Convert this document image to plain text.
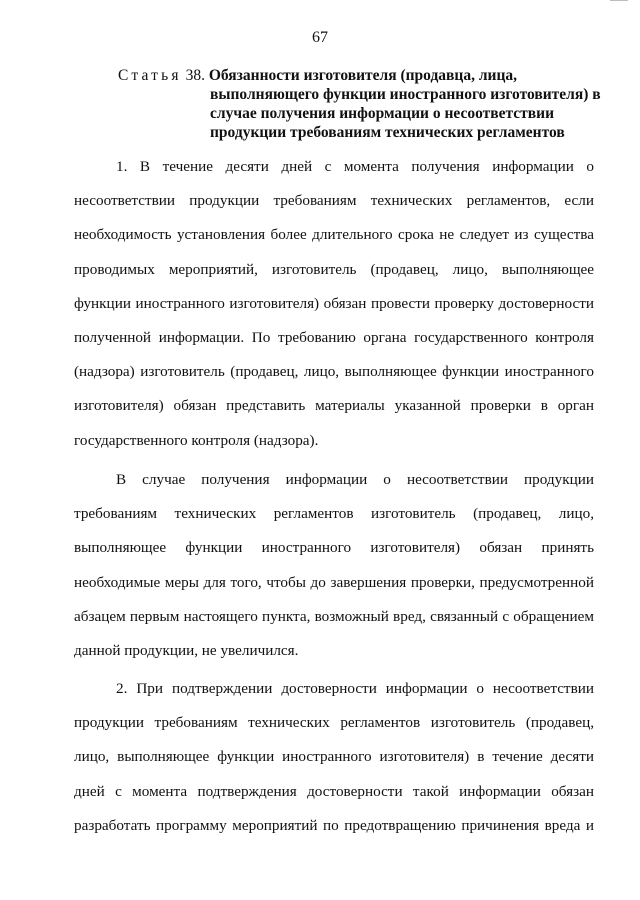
67
Статья 38. Обязанности изготовителя (продавца, лица,
выполняющего функции иностранного изготовителя) в
случае получения информации о несоответствии
продукции требованиям технических регламентов
1. В течение десяти дней с момента получения информации о
несоответствии продукции требованиям технических регламентов, если
необходимость установления более длительного срока не следует из существа
проводимых мероприятий, изготовитель (продавец, лицо, выполняющее
функции иностранного изготовителя) обязан провести проверку достоверности
полученной информации. По требованию органа государственного контроля
(надзора) изготовитель (продавец, лицо, выполняющее функции иностранного
изготовителя) обязан представить материалы указанной проверки в орган
государственного контроля (надзора).
В случае получения информации о несоответствии продукции
требованиям технических регламентов изготовитель (продавец, лицо,
выполняющее функции иностранного изготовителя) обязан принять
необходимые меры для того, чтобы до завершения проверки, предусмотренной
абзацем первым настоящего пункта, возможный вред, связанный с обращением
данной продукции, не увеличился.
2. При подтверждении достоверности информации о несоответствии
продукции требованиям технических регламентов изготовитель (продавец,
лицо, выполняющее функции иностранного изготовителя) в течение десяти
дней с момента подтверждения достоверности такой информации обязан
разработать программу мероприятий по предотвращению причинения вреда и
